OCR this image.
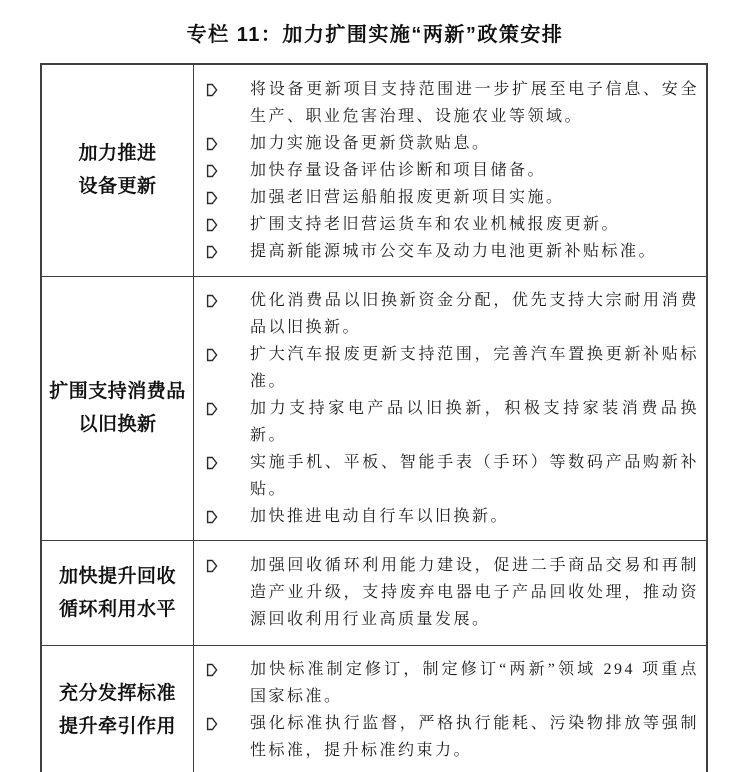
专栏 11：加力扩围实施“两新”政策安排
加力推进
设备更新

将设备更新项目支持范围进一步扩展至电子信息、安全生产、职业危害治理、设施农业等领域。
加力实施设备更新贷款贴息。
加快存量设备评估诊断和项目储备。
加强老旧营运船舶报废更新项目实施。
扩围支持老旧营运货车和农业机械报废更新。
提高新能源城市公交车及动力电池更新补贴标准。

扩围支持消费品
以旧换新

优化消费品以旧换新资金分配，优先支持大宗耐用消费品以旧换新。
扩大汽车报废更新支持范围，完善汽车置换更新补贴标准。
加力支持家电产品以旧换新，积极支持家装消费品换新。
实施手机、平板、智能手表（手环）等数码产品购新补贴。
加快推进电动自行车以旧换新。

加快提升回收
循环利用水平	加强回收循环利用能力建设，促进二手商品交易和再制造产业升级，支持废弃电器电子产品回收处理，推动资源回收利用行业高质量发展。

充分发挥标准
提升牵引作用

加快标准制定修订，制定修订“两新”领域 294 项重点国家标准。
强化标准执行监督，严格执行能耗、污染物排放等强制性标准，提升标准约束力。
